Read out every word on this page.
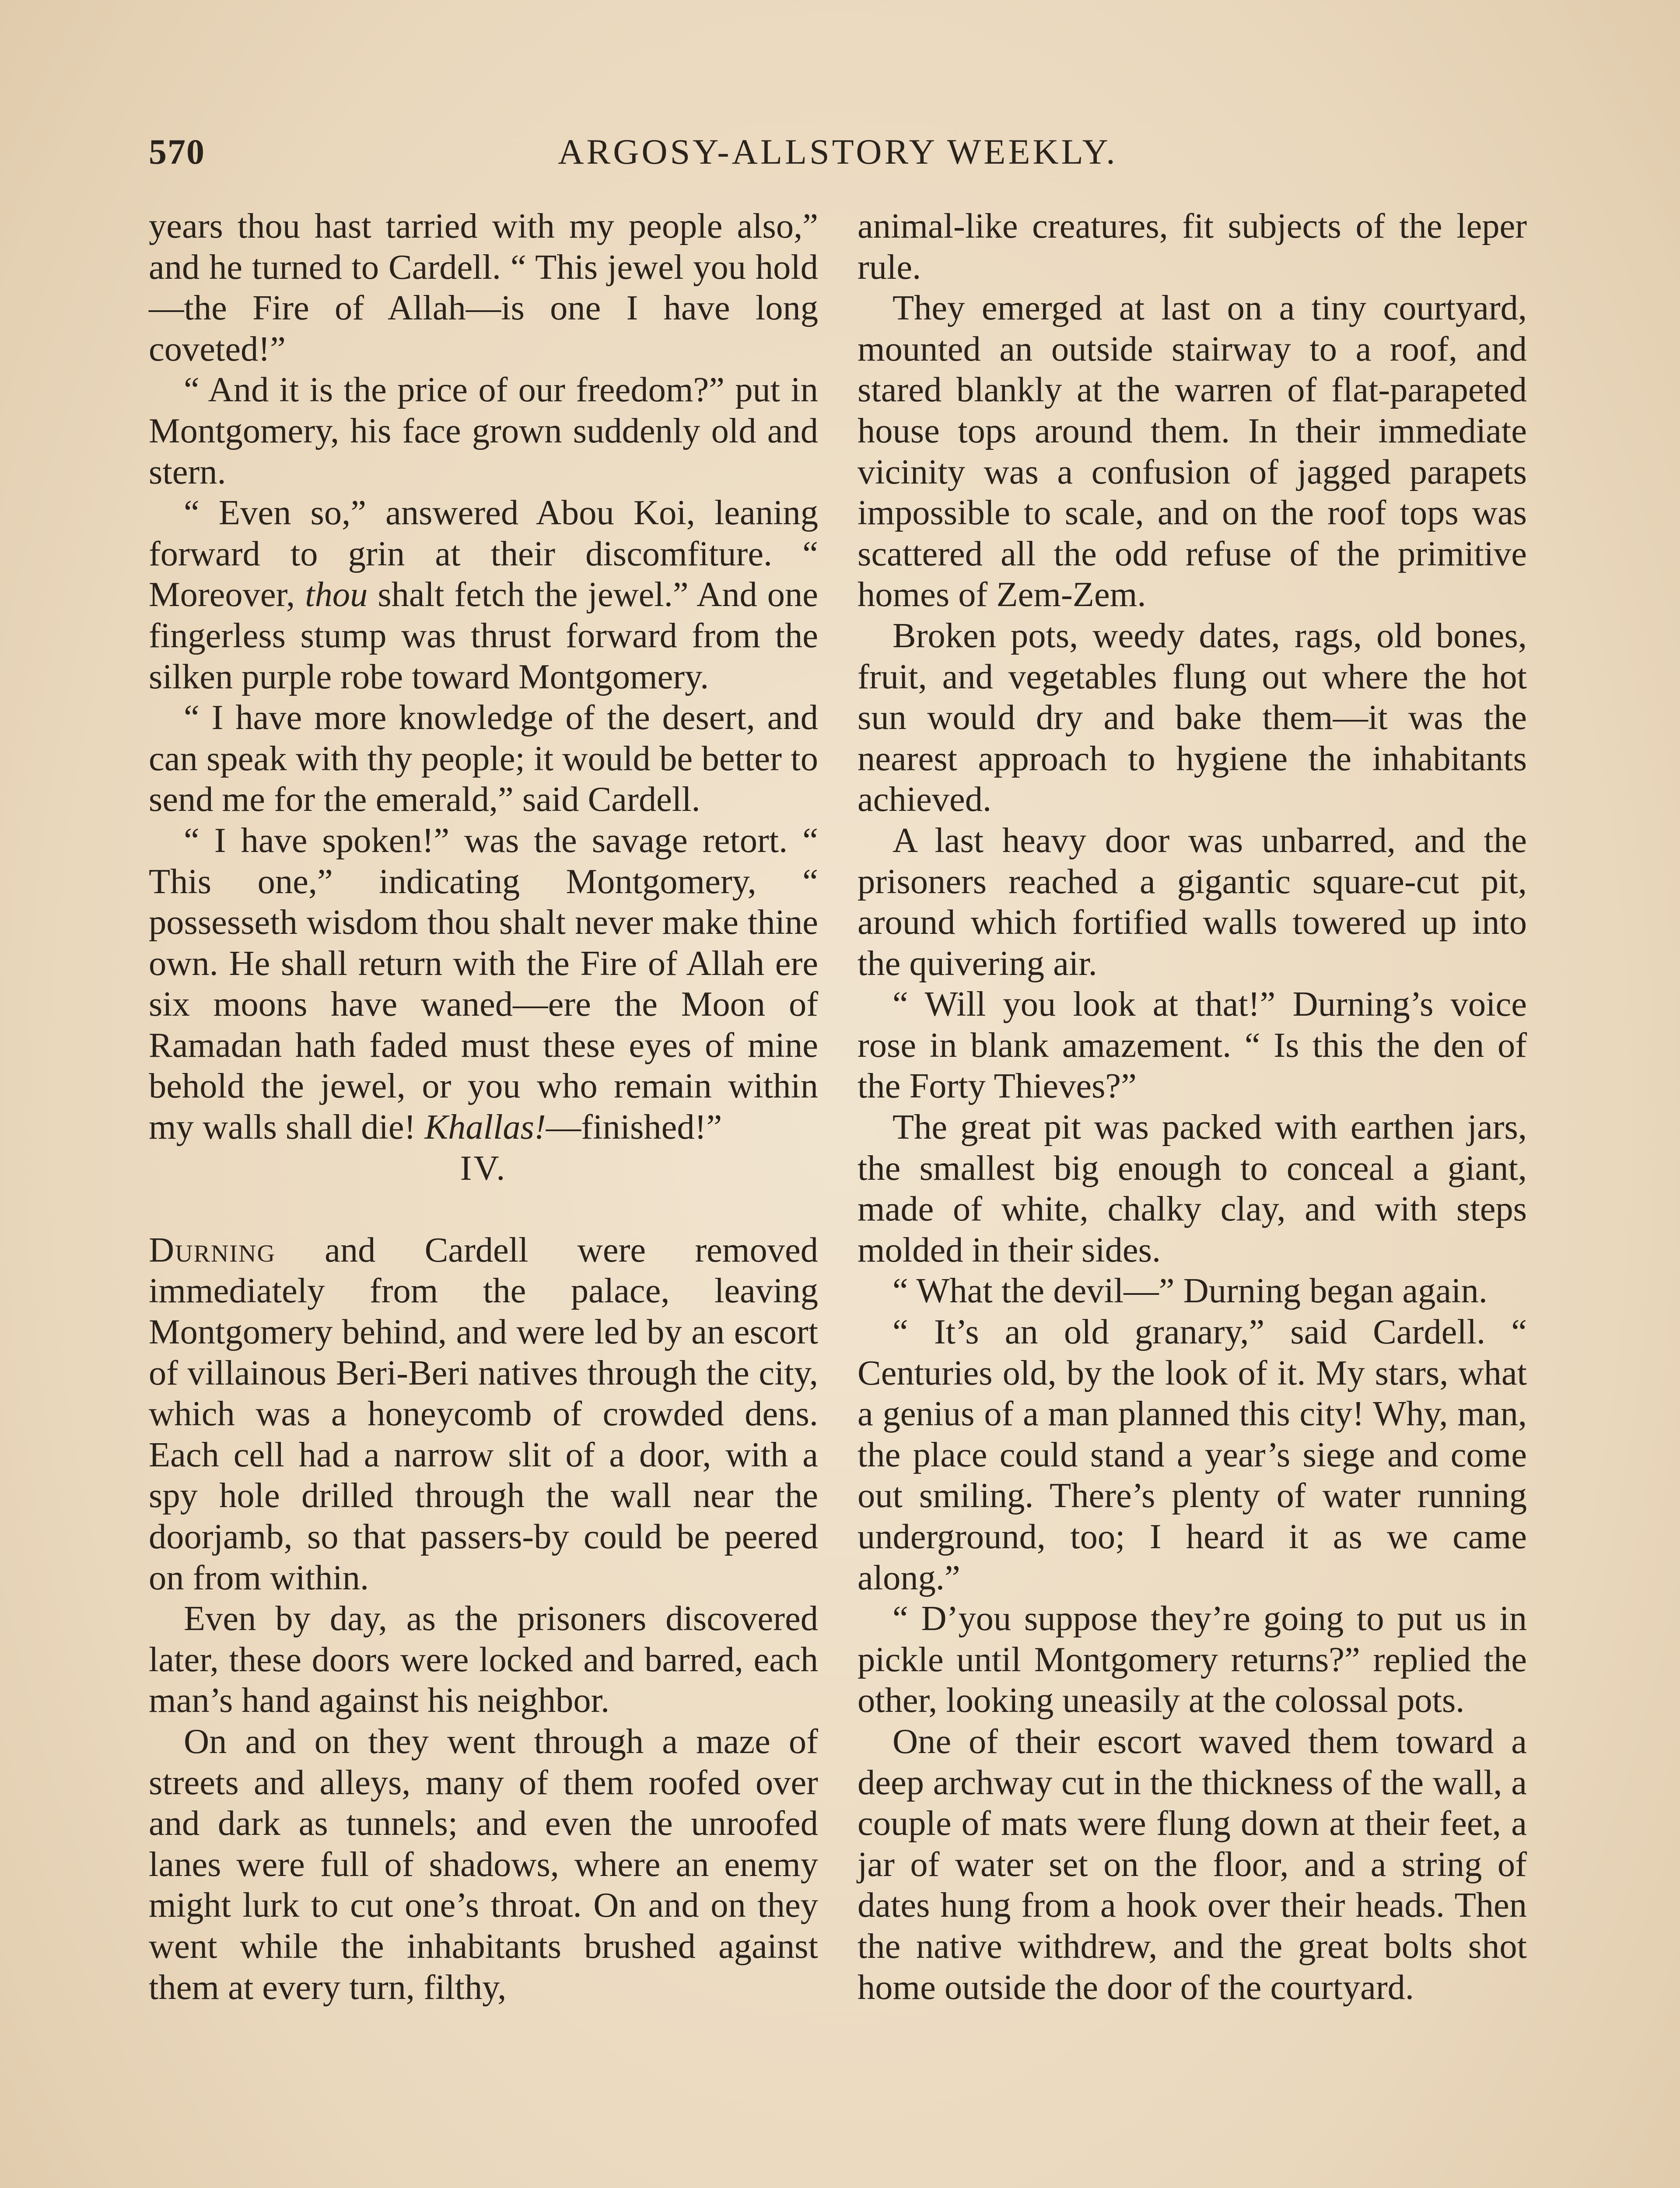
570	ARGOSY-ALLSTORY WEEKLY.

years thou hast tarried with my people also,” and he turned to Cardell. “ This jewel you hold—the Fire of Allah—is one I have long coveted!”

“ And it is the price of our freedom?” put in Montgomery, his face grown suddenly old and stern.

“ Even so,” answered Abou Koi, leaning forward to grin at their discomfiture. “ Moreover, thou shalt fetch the jewel.” And one fingerless stump was thrust forward from the silken purple robe toward Montgomery.

“ I have more knowledge of the desert, and can speak with thy people; it would be better to send me for the emerald,” said Cardell.

“ I have spoken!” was the savage retort. “ This one,” indicating Montgomery, “ possesseth wisdom thou shalt never make thine own. He shall return with the Fire of Allah ere six moons have waned—ere the Moon of Ramadan hath faded must these eyes of mine behold the jewel, or you who remain within my walls shall die! Khallas!—finished!”

IV.

Durning and Cardell were removed immediately from the palace, leaving Montgomery behind, and were led by an escort of villainous Beri-Beri natives through the city, which was a honeycomb of crowded dens. Each cell had a narrow slit of a door, with a spy hole drilled through the wall near the doorjamb, so that passers-by could be peered on from within.

Even by day, as the prisoners discovered later, these doors were locked and barred, each man’s hand against his neighbor.

On and on they went through a maze of streets and alleys, many of them roofed over and dark as tunnels; and even the unroofed lanes were full of shadows, where an enemy might lurk to cut one’s throat. On and on they went while the inhabitants brushed against them at every turn, filthy,

animal-like creatures, fit subjects of the leper rule.

They emerged at last on a tiny courtyard, mounted an outside stairway to a roof, and stared blankly at the warren of flat-parapeted house tops around them. In their immediate vicinity was a confusion of jagged parapets impossible to scale, and on the roof tops was scattered all the odd refuse of the primitive homes of Zem-Zem.

Broken pots, weedy dates, rags, old bones, fruit, and vegetables flung out where the hot sun would dry and bake them—it was the nearest approach to hygiene the inhabitants achieved.

A last heavy door was unbarred, and the prisoners reached a gigantic square-cut pit, around which fortified walls towered up into the quivering air.

“ Will you look at that!” Durning’s voice rose in blank amazement. “ Is this the den of the Forty Thieves?”

The great pit was packed with earthen jars, the smallest big enough to conceal a giant, made of white, chalky clay, and with steps molded in their sides.

“ What the devil—” Durning began again.

“ It’s an old granary,” said Cardell. “ Centuries old, by the look of it. My stars, what a genius of a man planned this city! Why, man, the place could stand a year’s siege and come out smiling. There’s plenty of water running underground, too; I heard it as we came along.”

“ D’you suppose they’re going to put us in pickle until Montgomery returns?” replied the other, looking uneasily at the colossal pots.

One of their escort waved them toward a deep archway cut in the thickness of the wall, a couple of mats were flung down at their feet, a jar of water set on the floor, and a string of dates hung from a hook over their heads. Then the native withdrew, and the great bolts shot home outside the door of the courtyard.
